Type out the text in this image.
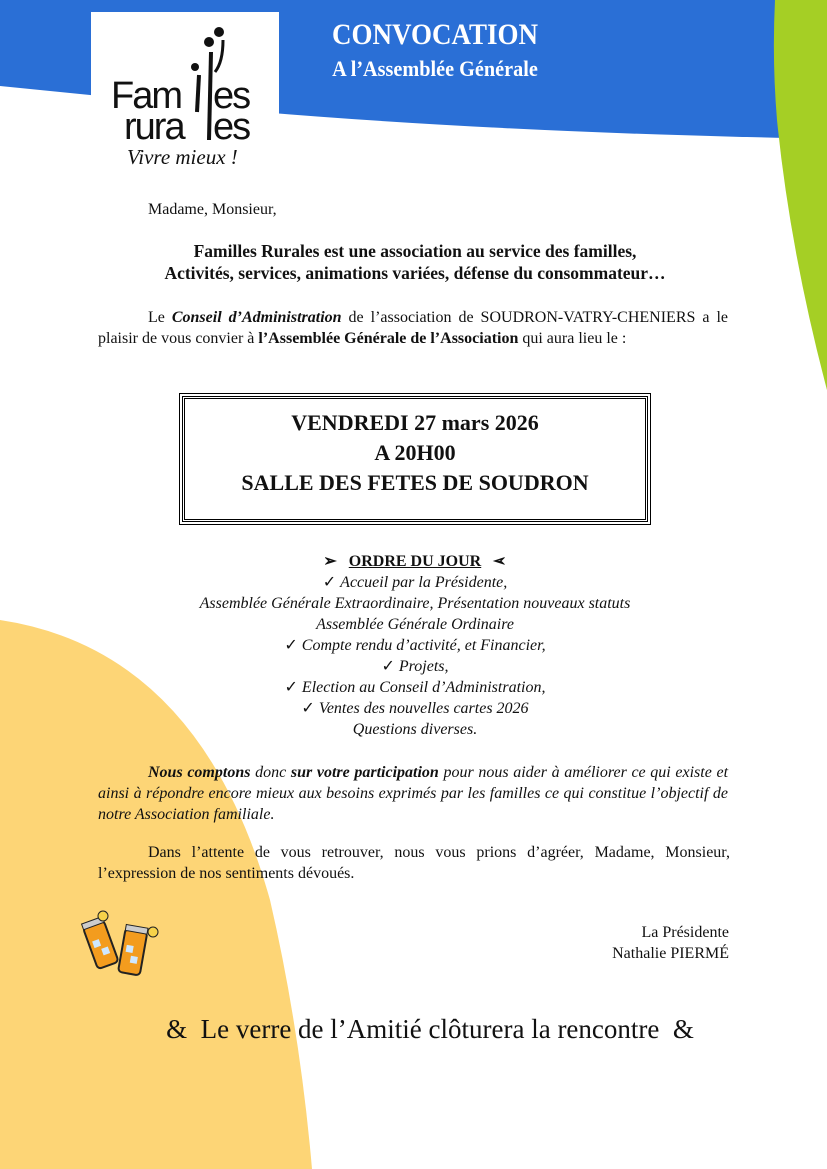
Fam es
rura es
Vivre mieux !
CONVOCATION
A l’Assemblée Générale
Madame, Monsieur,
Familles Rurales est une association au service des familles,
Activités, services, animations variées, défense du consommateur…
Le Conseil d’Administration de l’association de SOUDRON-VATRY-CHENIERS a le plaisir de vous convier à l’Assemblée Générale de l’Association qui aura lieu le :
VENDREDI 27 mars 2026
A 20H00
SALLE DES FETES DE SOUDRON
➢ ORDRE DU JOUR ➢
✓ Accueil par la Présidente,
Assemblée Générale Extraordinaire, Présentation nouveaux statuts
Assemblée Générale Ordinaire
✓ Compte rendu d’activité, et Financier,
✓ Projets,
✓ Election au Conseil d’Administration,
✓ Ventes des nouvelles cartes 2026
Questions diverses.
Nous comptons donc sur votre participation pour nous aider à améliorer ce qui existe et ainsi à répondre encore mieux aux besoins exprimés par les familles ce qui constitue l’objectif de notre Association familiale.
Dans l’attente de vous retrouver, nous vous prions d’agréer, Madame, Monsieur, l’expression de nos sentiments dévoués.
La Présidente
Nathalie PIERMÉ
& Le verre de l’Amitié clôturera la rencontre &
